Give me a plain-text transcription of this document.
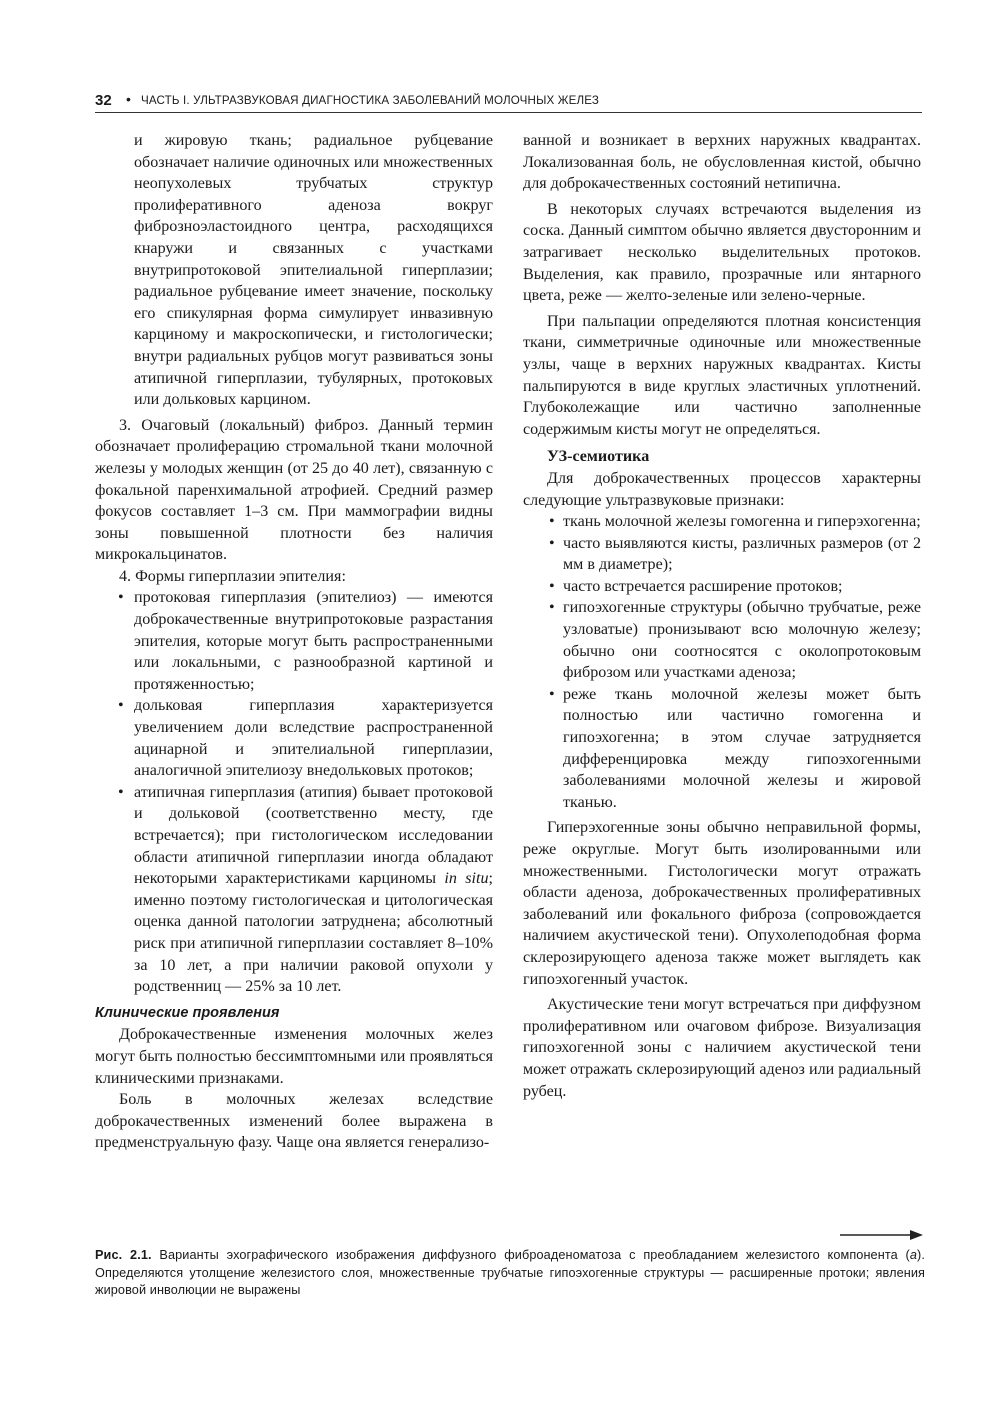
32 • ЧАСТЬ I. УЛЬТРАЗВУКОВАЯ ДИАГНОСТИКА ЗАБОЛЕВАНИЙ МОЛОЧНЫХ ЖЕЛЕЗ

и жировую ткань; радиальное рубцевание обозначает наличие одиночных или множественных неопухолевых трубчатых структур пролиферативного аденоза вокруг фиброзноэластоидного центра, расходящихся кнаружи и связанных с участками внутрипротоковой эпителиальной гиперплазии; радиальное рубцевание имеет значение, поскольку его спикулярная форма симулирует инвазивную карциному и макроскопически, и гистологически; внутри радиальных рубцов могут развиваться зоны атипичной гиперплазии, тубулярных, протоковых или дольковых карцином.

3. Очаговый (локальный) фиброз. Данный термин обозначает пролиферацию стромальной ткани молочной железы у молодых женщин (от 25 до 40 лет), связанную с фокальной паренхимальной атрофией. Средний размер фокусов составляет 1–3 см. При маммографии видны зоны повышенной плотности без наличия микрокальцинатов.

4. Формы гиперплазии эпителия:

• протоковая гиперплазия (эпителиоз) — имеются доброкачественные внутрипротоковые разрастания эпителия, которые могут быть распространенными или локальными, с разнообразной картиной и протяженностью;
• дольковая гиперплазия характеризуется увеличением доли вследствие распространенной ацинарной и эпителиальной гиперплазии, аналогичной эпителиозу внедольковых протоков;
• атипичная гиперплазия (атипия) бывает протоковой и дольковой (соответственно месту, где встречается); при гистологическом исследовании области атипичной гиперплазии иногда обладают некоторыми характеристиками карциномы in situ; именно поэтому гистологическая и цитологическая оценка данной патологии затруднена; абсолютный риск при атипичной гиперплазии составляет 8–10% за 10 лет, а при наличии раковой опухоли у родственниц — 25% за 10 лет.
Клинические проявления

Доброкачественные изменения молочных желез могут быть полностью бессимптомными или проявляться клиническими признаками.

Боль в молочных железах вследствие доброкачественных изменений более выражена в предменструальную фазу. Чаще она является генерализо-

ванной и возникает в верхних наружных квадрантах. Локализованная боль, не обусловленная кистой, обычно для доброкачественных состояний нетипична.

В некоторых случаях встречаются выделения из соска. Данный симптом обычно является двусторонним и затрагивает несколько выделительных протоков. Выделения, как правило, прозрачные или янтарного цвета, реже — желто-зеленые или зелено-черные.

При пальпации определяются плотная консистенция ткани, симметричные одиночные или множественные узлы, чаще в верхних наружных квадрантах. Кисты пальпируются в виде круглых эластичных уплотнений. Глубоколежащие или частично заполненные содержимым кисты могут не определяться.

УЗ-семиотика

Для доброкачественных процессов характерны следующие ультразвуковые признаки:

• ткань молочной железы гомогенна и гиперэхогенна;
• часто выявляются кисты, различных размеров (от 2 мм в диаметре);
• часто встречается расширение протоков;
• гипоэхогенные структуры (обычно трубчатые, реже узловатые) пронизывают всю молочную железу; обычно они соотносятся с околопротоковым фиброзом или участками аденоза;
• реже ткань молочной железы может быть полностью или частично гомогенна и гипоэхогенна; в этом случае затрудняется дифференцировка между гипоэхогенными заболеваниями молочной железы и жировой тканью.

Гиперэхогенные зоны обычно неправильной формы, реже округлые. Могут быть изолированными или множественными. Гистологически могут отражать области аденоза, доброкачественных пролиферативных заболеваний или фокального фиброза (сопровождается наличием акустической тени). Опухолеподобная форма склерозирующего аденоза также может выглядеть как гипоэхогенный участок.

Акустические тени могут встречаться при диффузном пролиферативном или очаговом фиброзе. Визуализация гипоэхогенной зоны с наличием акустической тени может отражать склерозирующий аденоз или радиальный рубец.

Рис. 2.1. Варианты эхографического изображения диффузного фиброаденоматоза с преобладанием железистого компонента (а). Определяются утолщение железистого слоя, множественные трубчатые гипоэхогенные структуры — расширенные протоки; явления жировой инволюции не выражены
